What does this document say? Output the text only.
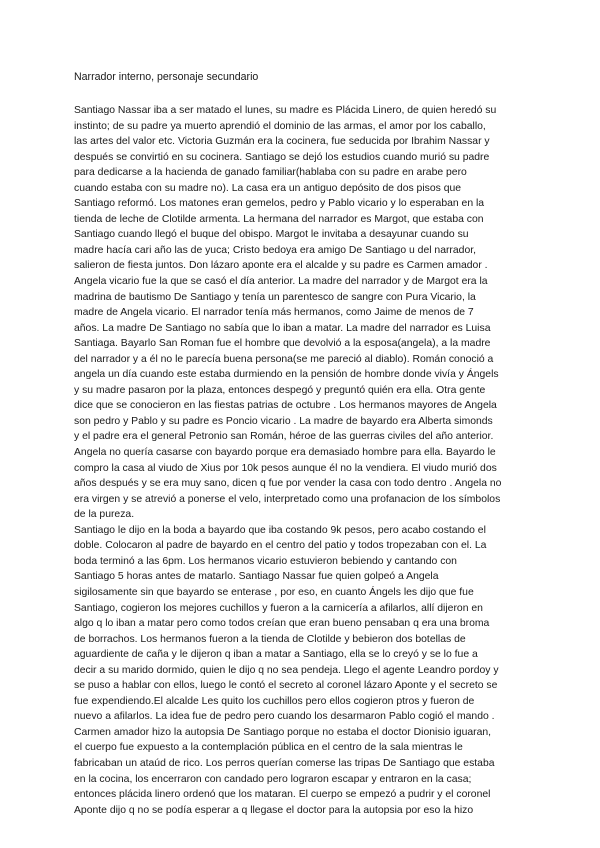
Narrador interno, personaje secundario
Santiago Nassar iba a ser matado el lunes, su madre es Plácida Linero, de quien heredó su
instinto; de su padre ya muerto aprendió el dominio de las armas, el amor por los caballo,
las artes del valor etc. Victoria Guzmán era la cocinera, fue seducida por Ibrahim Nassar y
después se convirtió en su cocinera. Santiago se dejó los estudios cuando murió su padre
para dedicarse a la hacienda de ganado familiar(hablaba con su padre en arabe pero
cuando estaba con su madre no). La casa era un antiguo depósito de dos pisos que
Santiago reformó. Los matones eran gemelos, pedro y Pablo vicario y lo esperaban en la
tienda de leche de Clotilde armenta. La hermana del narrador es Margot, que estaba con
Santiago cuando llegó el buque del obispo. Margot le invitaba a desayunar cuando su
madre hacía cari año las de yuca; Cristo bedoya era amigo De Santiago u del narrador,
salieron de fiesta juntos. Don lázaro aponte era el alcalde y su padre es Carmen amador .
Angela vicario fue la que se casó el día anterior. La madre del narrador y de Margot era la
madrina de bautismo De Santiago y tenía un parentesco de sangre con Pura Vicario, la
madre de Angela vicario. El narrador tenía más hermanos, como Jaime de menos de 7
años. La madre De Santiago no sabía que lo iban a matar. La madre del narrador es Luisa
Santiaga. Bayarlo San Roman fue el hombre que devolvió a la esposa(angela), a la madre
del narrador y a él no le parecía buena persona(se me pareció al diablo). Román conoció a
angela un día cuando este estaba durmiendo en la pensión de hombre donde vivía y Ángels
y su madre pasaron por la plaza, entonces despegó y preguntó quién era ella. Otra gente
dice que se conocieron en las fiestas patrias de octubre . Los hermanos mayores de Angela
son pedro y Pablo y su padre es Poncio vicario . La madre de bayardo era Alberta simonds
y el padre era el general Petronio san Román, héroe de las guerras civiles del año anterior.
Angela no quería casarse con bayardo porque era demasiado hombre para ella. Bayardo le
compro la casa al viudo de Xius por 10k pesos aunque él no la vendiera. El viudo murió dos
años después y se era muy sano, dicen q fue por vender la casa con todo dentro . Angela no
era virgen y se atrevió a ponerse el velo, interpretado como una profanacion de los símbolos
de la pureza.
Santiago le dijo en la boda a bayardo que iba costando 9k pesos, pero acabo costando el
doble. Colocaron al padre de bayardo en el centro del patio y todos tropezaban con el. La
boda terminó a las 6pm. Los hermanos vicario estuvieron bebiendo y cantando con
Santiago 5 horas antes de matarlo. Santiago Nassar fue quien golpeó a Angela
sigilosamente sin que bayardo se enterase , por eso, en cuanto Ángels les dijo que fue
Santiago, cogieron los mejores cuchillos y fueron a la carnicería a afilarlos, allí dijeron en
algo q lo iban a matar pero como todos creían que eran bueno pensaban q era una broma
de borrachos. Los hermanos fueron a la tienda de Clotilde y bebieron dos botellas de
aguardiente de caña y le dijeron q iban a matar a Santiago, ella se lo creyó y se lo fue a
decir a su marido dormido, quien le dijo q no sea pendeja. Llego el agente Leandro pordoy y
se puso a hablar con ellos, luego le contó el secreto al coronel lázaro Aponte y el secreto se
fue expendiendo.El alcalde Les quito los cuchillos pero ellos cogieron ptros y fueron de
nuevo a afilarlos. La idea fue de pedro pero cuando los desarmaron Pablo cogió el mando .
Carmen amador hizo la autopsia De Santiago porque no estaba el doctor Dionisio iguaran,
el cuerpo fue expuesto a la contemplación pública en el centro de la sala mientras le
fabricaban un ataúd de rico. Los perros querían comerse las tripas De Santiago que estaba
en la cocina, los encerraron con candado pero lograron escapar y entraron en la casa;
entonces plácida linero ordenó que los mataran. El cuerpo se empezó a pudrir y el coronel
Aponte dijo q no se podía esperar a q llegase el doctor para la autopsia por eso la hizo
